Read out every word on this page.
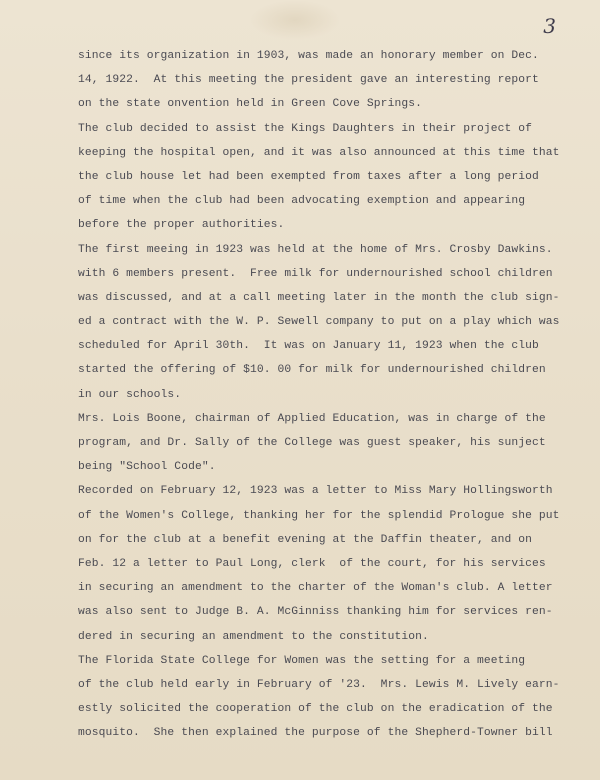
3
since its organization in 1903, was made an honorary member on Dec.
14, 1922.  At this meeting the president gave an interesting report
on the state onvention held in Green Cove Springs.
The club decided to assist the Kings Daughters in their project of
keeping the hospital open, and it was also announced at this time that
the club house let had been exempted from taxes after a long period
of time when the club had been advocating exemption and appearing
before the proper authorities.
The first meeing in 1923 was held at the home of Mrs. Crosby Dawkins.
with 6 members present.  Free milk for undernourished school children
was discussed, and at a call meeting later in the month the club sign-
ed a contract with the W. P. Sewell company to put on a play which was
scheduled for April 30th.  It was on January 11, 1923 when the club
started the offering of $10. 00 for milk for undernourished children
in our schools.
Mrs. Lois Boone, chairman of Applied Education, was in charge of the
program, and Dr. Sally of the College was guest speaker, his sunject
being "School Code".
Recorded on February 12, 1923 was a letter to Miss Mary Hollingsworth
of the Women's College, thanking her for the splendid Prologue she put
on for the club at a benefit evening at the Daffin theater, and on
Feb. 12 a letter to Paul Long, clerk  of the court, for his services
in securing an amendment to the charter of the Woman's club. A letter
was also sent to Judge B. A. McGinniss thanking him for services ren-
dered in securing an amendment to the constitution.
The Florida State College for Women was the setting for a meeting
of the club held early in February of '23.  Mrs. Lewis M. Lively earn-
estly solicited the cooperation of the club on the eradication of the
mosquito.  She then explained the purpose of the Shepherd-Towner bill
